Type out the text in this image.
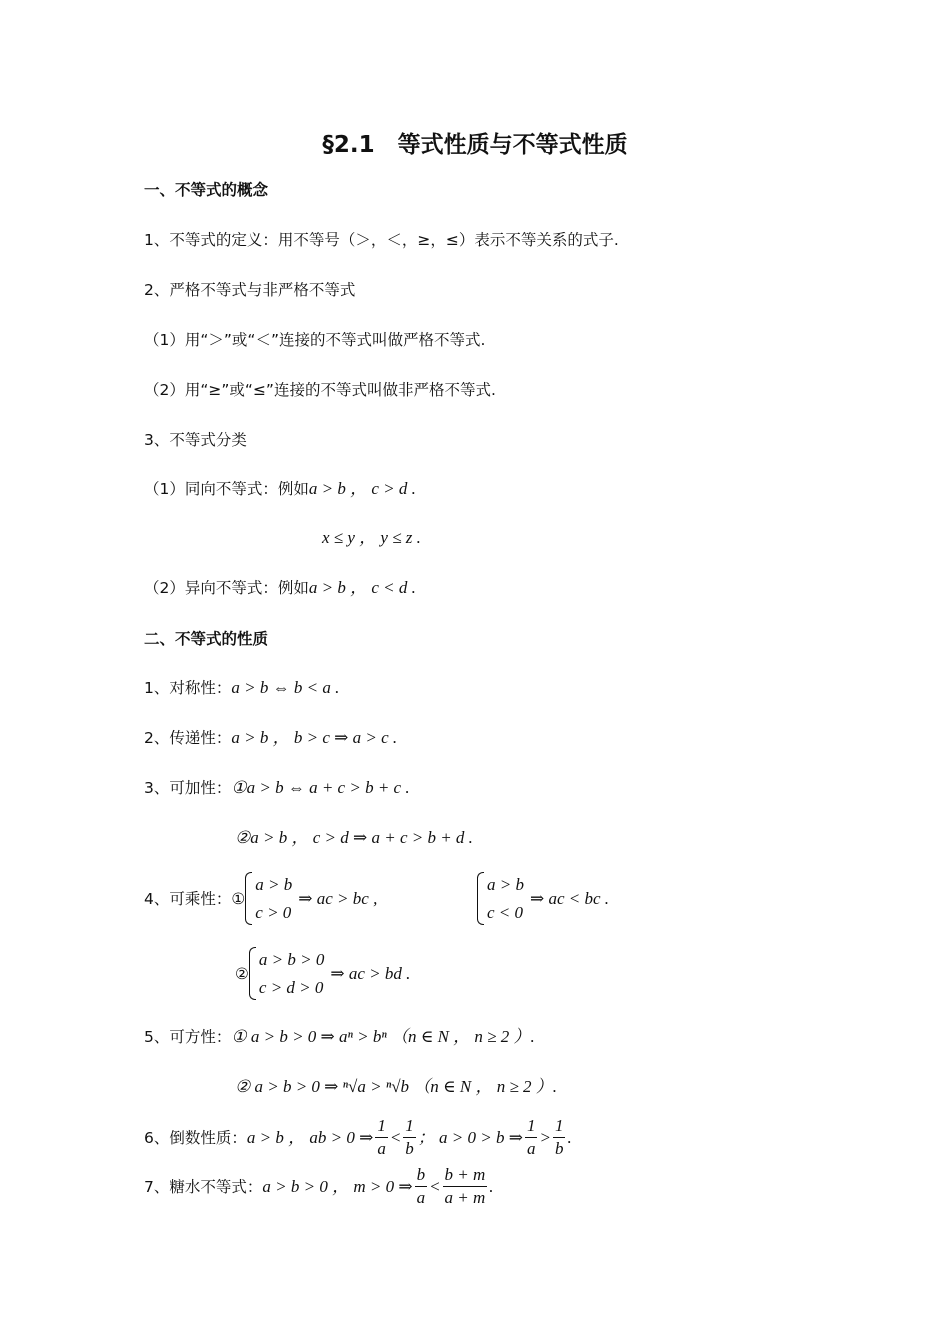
§2.1　等式性质与不等式性质
一、不等式的概念
1、不等式的定义：用不等号（＞，＜，≥，≤）表示不等关系的式子.
2、严格不等式与非严格不等式
（1）用“＞”或“＜”连接的不等式叫做严格不等式.
（2）用“≥”或“≤”连接的不等式叫做非严格不等式.
3、不等式分类
（1）同向不等式：例如a > b ， c > d .
x ≤ y ， y ≤ z .
（2）异向不等式：例如a > b ， c < d .
二、不等式的性质
1、对称性：a > b ⇔ b < a .
2、传递性：a > b ， b > c ⇒ a > c .
3、可加性：①a > b ⇔ a + c > b + c .
②a > b ， c > d ⇒ a + c > b + d .
4、可乘性：①
a > b
c > 0
⇒ ac > bc ,
a > b
c < 0
⇒ ac < bc .
②
a > b > 0
c > d > 0
⇒ ac > bd .
5、可方性：① a > b > 0 ⇒ aⁿ > bⁿ （n ∈ N ， n ≥ 2 ）.
② a > b > 0 ⇒ ⁿ√a > ⁿ√b （n ∈ N ， n ≥ 2 ）.
6、倒数性质：a > b ， ab > 0 ⇒ $\frac{1}{a} < \frac{1}{b}$ ； a > 0 > b ⇒ $\frac{1}{a} > \frac{1}{b}$ .
7、糖水不等式：a > b > 0 ， m > 0 ⇒ $\frac{b}{a} < \frac{b + m}{a + m}$ .
